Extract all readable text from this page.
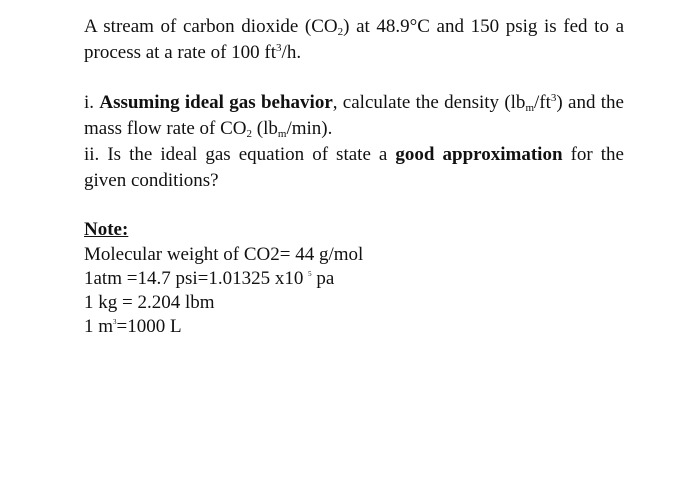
A stream of carbon dioxide $(CO_2)$ at 48.9°C and 150 psig is fed to a process at a rate of 100 $ft^3/h$.

i. Assuming ideal gas behavior, calculate the density $(lb_m/ft^3)$ and the mass flow rate of $CO_2$ $(lb_m/\min)$.

ii. Is the ideal gas equation of state a good approximation for the given conditions?

Note:

Molecular weight of CO2= 44 g/mol

1atm =14.7 psi=1.01325 x10 $^5$ pa

1 kg = 2.204 lbm

1 $m^3=1000$ L
